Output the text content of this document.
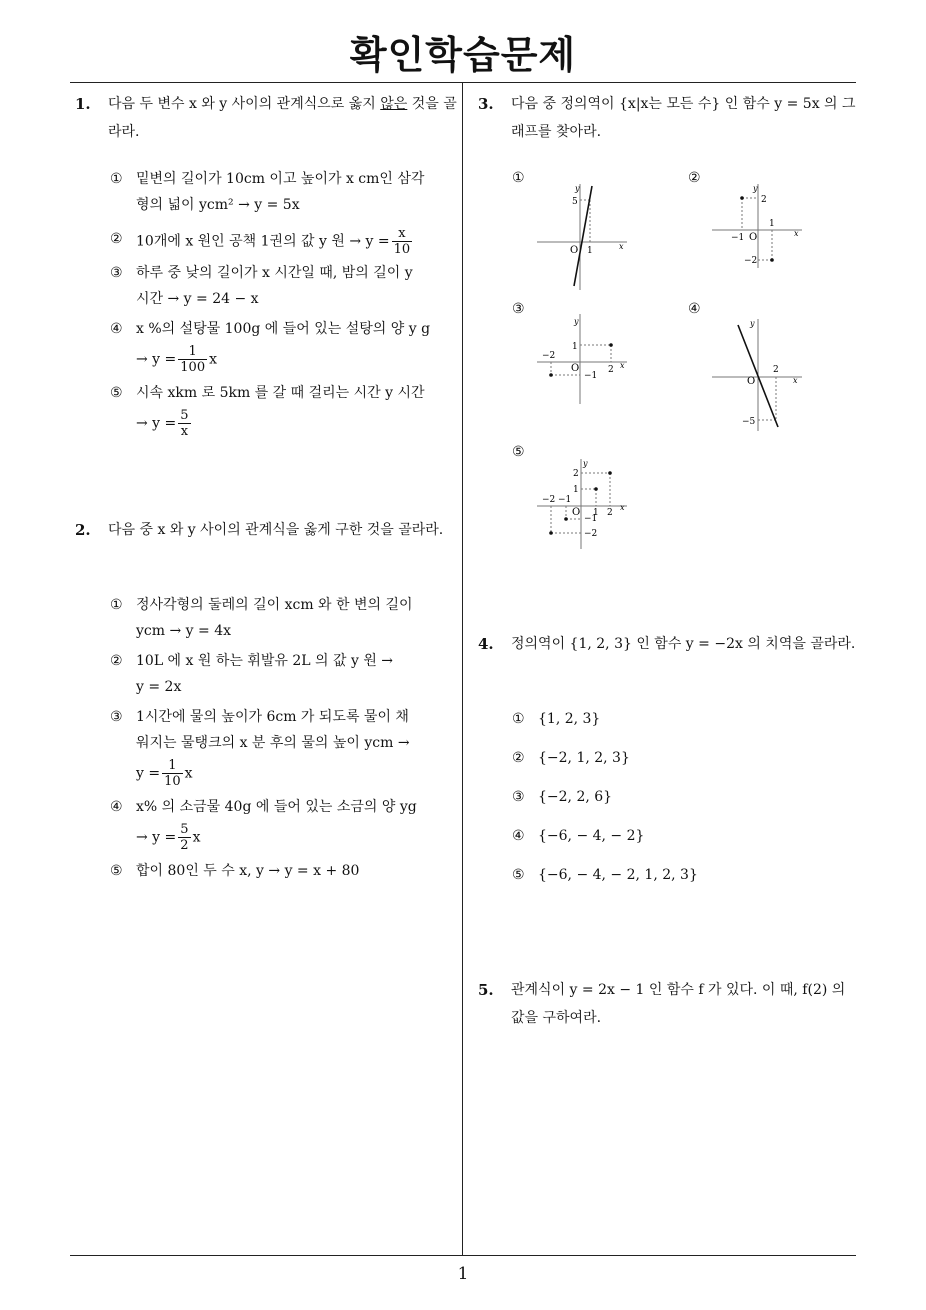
확인학습문제
1
1. 다음 두 변수 x 와 y 사이의 관계식으로 옳지 않은 것을 골라라.
① 밑변의 길이가 10cm 이고 높이가 x cm인 삼각
형의 넓이 ycm² → y = 5x
② 10개에 x 원인 공책 1권의 값 y 원 → $y = \frac{x}{10}$
③ 하루 중 낮의 길이가 x 시간일 때, 밤의 길이 y
시간 → y = 24 − x
④ x %의 설탕물 100g 에 들어 있는 설탕의 양 y g
→ $y = \frac{1}{100}$ x
⑤ 시속 xkm 로 5km 를 갈 때 걸리는 시간 y 시간
→ $y = \frac{5}{x}$
2. 다음 중 x 와 y 사이의 관계식을 옳게 구한 것을 골라라.
① 정사각형의 둘레의 길이 xcm 와 한 변의 길이
ycm → y = 4x
② 10L 에 x 원 하는 휘발유 2L 의 값 y 원 →
y = 2x
③ 1시간에 물의 높이가 6cm 가 되도록 물이 채
워지는 물탱크의 x 분 후의 물의 높이 ycm →
$y = \frac{1}{10}$ x
④ x% 의 소금물 40g 에 들어 있는 소금의 양 yg
→ $y = \frac{5}{2}$ x
⑤ 합이 80인 두 수 x, y → y = x + 80
3. 다음 중 정의역이 {x|x는 모든 수} 인 함수 y = 5x 의 그래프를 찾아라.
①	②
③	④
⑤
y
5
O 1	x
y
2
−1 O
1
−2
x
y
1
−2
O	2
−1
x
y
O
2
−5
x
y
2
1
−2 −1
O 1 2
−1
−2
x
4. 정의역이 {1, 2, 3} 인 함수 y = −2x 의 치역을 골라라.
① {1, 2, 3}
② {−2, 1, 2, 3}
③ {−2, 2, 6}
④ {−6, − 4, − 2}
⑤ {−6, − 4, − 2, 1, 2, 3}
5. 관계식이 y = 2x − 1 인 함수 f 가 있다. 이 때, f(2) 의 값을 구하여라.
